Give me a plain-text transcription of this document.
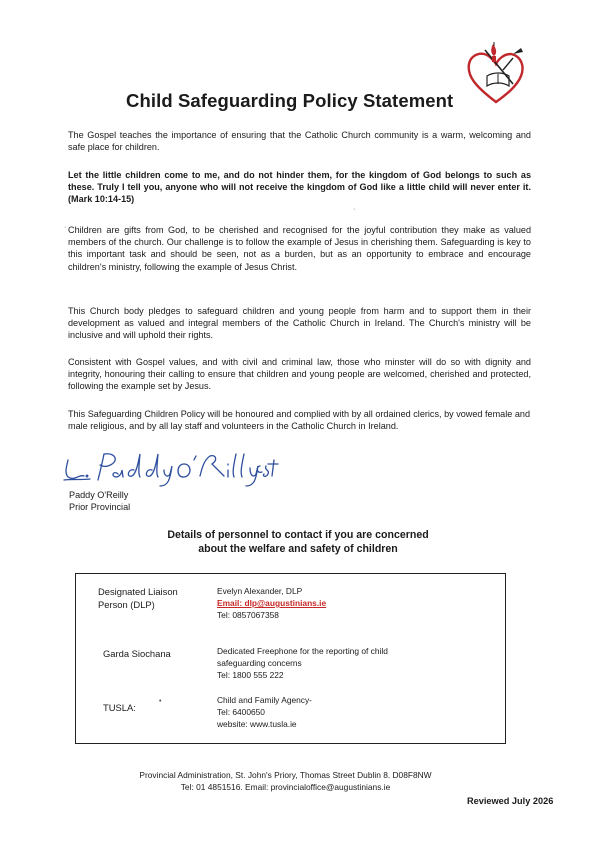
Child Safeguarding Policy Statement
The Gospel teaches the importance of ensuring that the Catholic Church community is a warm, welcoming and safe place for children.
Let the little children come to me, and do not hinder them, for the kingdom of God belongs to such as these. Truly I tell you, anyone who will not receive the kingdom of God like a little child will never enter it. (Mark 10:14-15)
Children are gifts from God, to be cherished and recognised for the joyful contribution they make as valued members of the church. Our challenge is to follow the example of Jesus in cherishing them. Safeguarding is key to this important task and should be seen, not as a burden, but as an opportunity to embrace and encourage children's ministry, following the example of Jesus Christ.
This Church body pledges to safeguard children and young people from harm and to support them in their development as valued and integral members of the Catholic Church in Ireland. The Church's ministry will be inclusive and will uphold their rights.
Consistent with Gospel values, and with civil and criminal law, those who minster will do so with dignity and integrity, honouring their calling to ensure that children and young people are welcomed, cherished and protected, following the example set by Jesus.
This Safeguarding Children Policy will be honoured and complied with by all ordained clerics, by vowed female and male religious, and by all lay staff and volunteers in the Catholic Church in Ireland.
·
·
Paddy O'Reilly
Prior Provincial
Details of personnel to contact if you are concerned
about the welfare and safety of children
Designated Liaison
Person (DLP)
Evelyn Alexander, DLP
Email: dlp@augustinians.ie
Tel: 0857067358
Garda Siochana	Dedicated Freephone for the reporting of child
safeguarding concerns
Tel: 1800 555 222
TUSLA:
•	Child and Family Agency-
Tel: 6400650
website: www.tusla.ie
Provincial Administration, St. John's Priory, Thomas Street Dublin 8. D08F8NW
Tel: 01 4851516. Email: provincialoffice@augustinians.ie
Reviewed July 2026
